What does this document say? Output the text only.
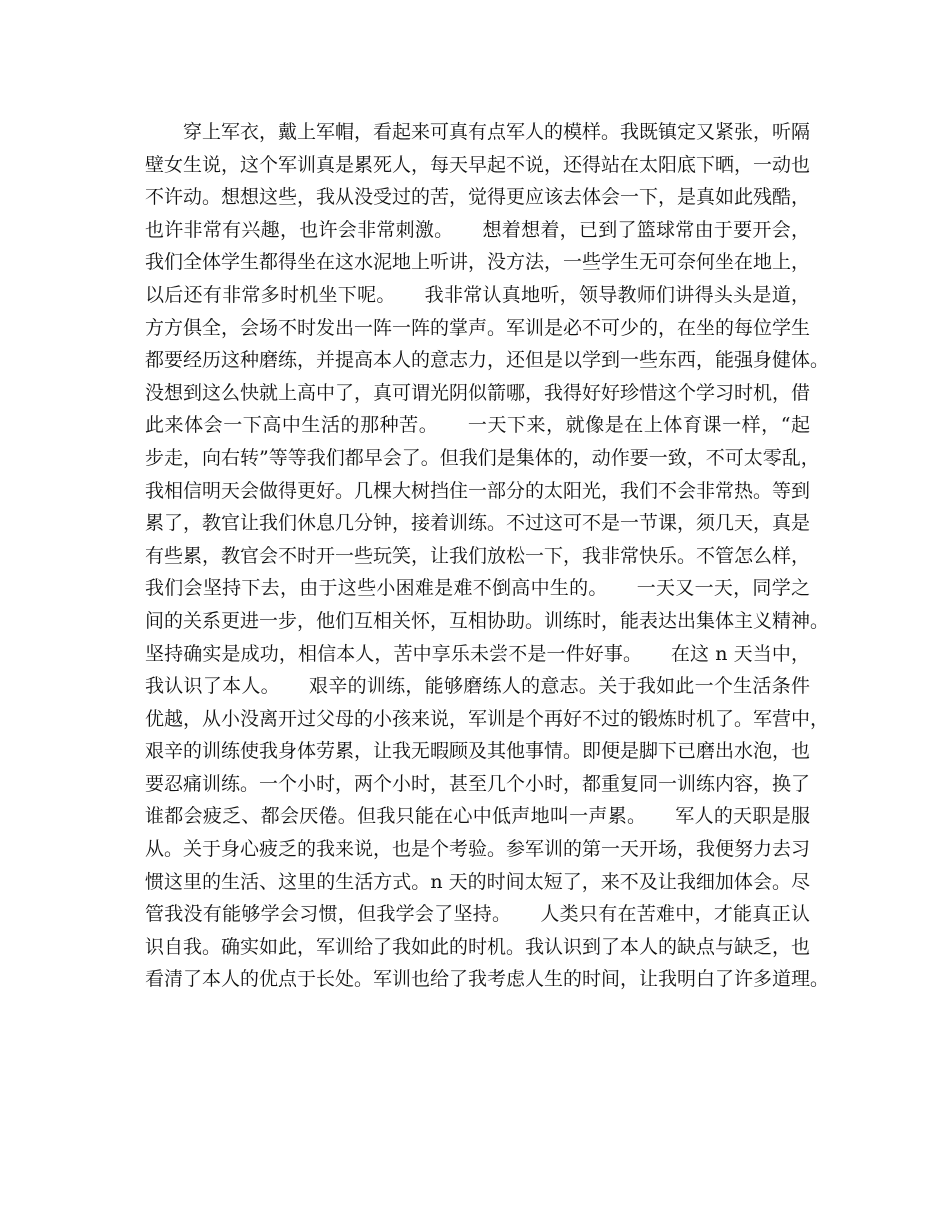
　　穿上军衣，戴上军帽，看起来可真有点军人的模样。我既镇定又紧张，听隔
壁女生说，这个军训真是累死人，每天早起不说，还得站在太阳底下晒，一动也
不许动。想想这些，我从没受过的苦，觉得更应该去体会一下，是真如此残酷，
也许非常有兴趣，也许会非常刺激。　　想着想着，已到了篮球常由于要开会，
我们全体学生都得坐在这水泥地上听讲，没方法，一些学生无可奈何坐在地上，
以后还有非常多时机坐下呢。　　我非常认真地听，领导教师们讲得头头是道，
方方俱全，会场不时发出一阵一阵的掌声。军训是必不可少的，在坐的每位学生
都要经历这种磨练，并提高本人的意志力，还但是以学到一些东西，能强身健体。
没想到这么快就上高中了，真可谓光阴似箭哪，我得好好珍惜这个学习时机，借
此来体会一下高中生活的那种苦。　　一天下来，就像是在上体育课一样，“起
步走，向右转”等等我们都早会了。但我们是集体的，动作要一致，不可太零乱，
我相信明天会做得更好。几棵大树挡住一部分的太阳光，我们不会非常热。等到
累了，教官让我们休息几分钟，接着训练。不过这可不是一节课，须几天，真是
有些累，教官会不时开一些玩笑，让我们放松一下，我非常快乐。不管怎么样，
我们会坚持下去，由于这些小困难是难不倒高中生的。　　一天又一天，同学之
间的关系更进一步，他们互相关怀，互相协助。训练时，能表达出集体主义精神。
坚持确实是成功，相信本人，苦中享乐未尝不是一件好事。　　在这 n 天当中，
我认识了本人。　　艰辛的训练，能够磨练人的意志。关于我如此一个生活条件
优越，从小没离开过父母的小孩来说，军训是个再好不过的锻炼时机了。军营中，
艰辛的训练使我身体劳累，让我无暇顾及其他事情。即便是脚下已磨出水泡，也
要忍痛训练。一个小时，两个小时，甚至几个小时，都重复同一训练内容，换了
谁都会疲乏、都会厌倦。但我只能在心中低声地叫一声累。　　军人的天职是服
从。关于身心疲乏的我来说，也是个考验。参军训的第一天开场，我便努力去习
惯这里的生活、这里的生活方式。n 天的时间太短了，来不及让我细加体会。尽
管我没有能够学会习惯，但我学会了坚持。　　人类只有在苦难中，才能真正认
识自我。确实如此，军训给了我如此的时机。我认识到了本人的缺点与缺乏，也
看清了本人的优点于长处。军训也给了我考虑人生的时间，让我明白了许多道理。
